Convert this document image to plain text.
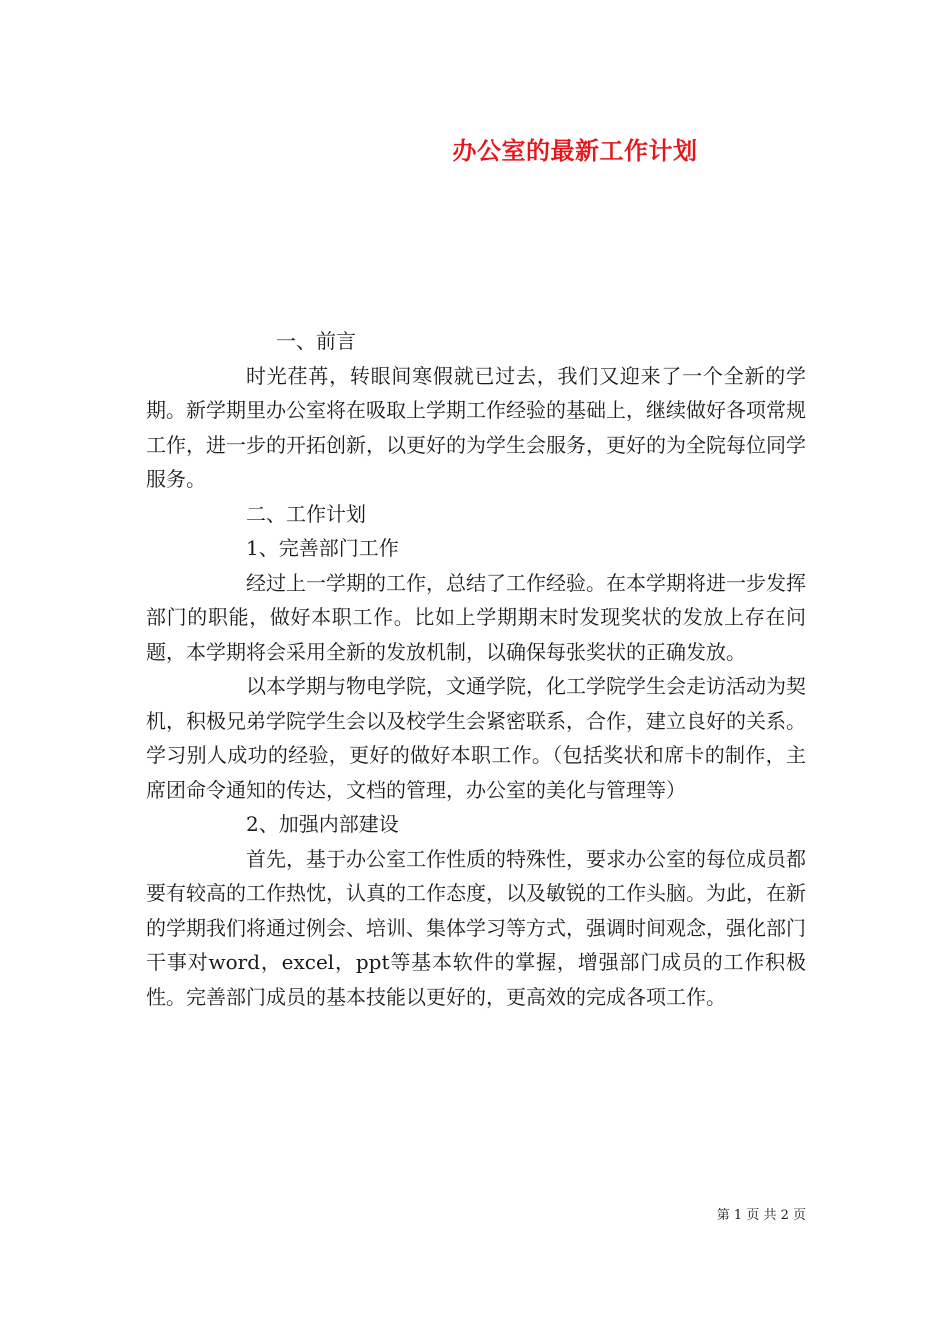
办公室的最新工作计划

一、前言

时光荏苒，转眼间寒假就已过去，我们又迎来了一个全新的学期。新学期里办公室将在吸取上学期工作经验的基础上，继续做好各项常规工作，进一步的开拓创新，以更好的为学生会服务，更好的为全院每位同学服务。

二、工作计划

1、完善部门工作

经过上一学期的工作，总结了工作经验。在本学期将进一步发挥部门的职能，做好本职工作。比如上学期期末时发现奖状的发放上存在问题，本学期将会采用全新的发放机制，以确保每张奖状的正确发放。

以本学期与物电学院，文通学院，化工学院学生会走访活动为契机，积极兄弟学院学生会以及校学生会紧密联系，合作，建立良好的关系。学习别人成功的经验，更好的做好本职工作。（包括奖状和席卡的制作，主席团命令通知的传达，文档的管理，办公室的美化与管理等）

2、加强内部建设

首先，基于办公室工作性质的特殊性，要求办公室的每位成员都要有较高的工作热忱，认真的工作态度，以及敏锐的工作头脑。为此，在新的学期我们将通过例会、培训、集体学习等方式，强调时间观念，强化部门干事对word，excel，ppt等基本软件的掌握，增强部门成员的工作积极性。完善部门成员的基本技能以更好的，更高效的完成各项工作。

第 1 页 共 2 页
